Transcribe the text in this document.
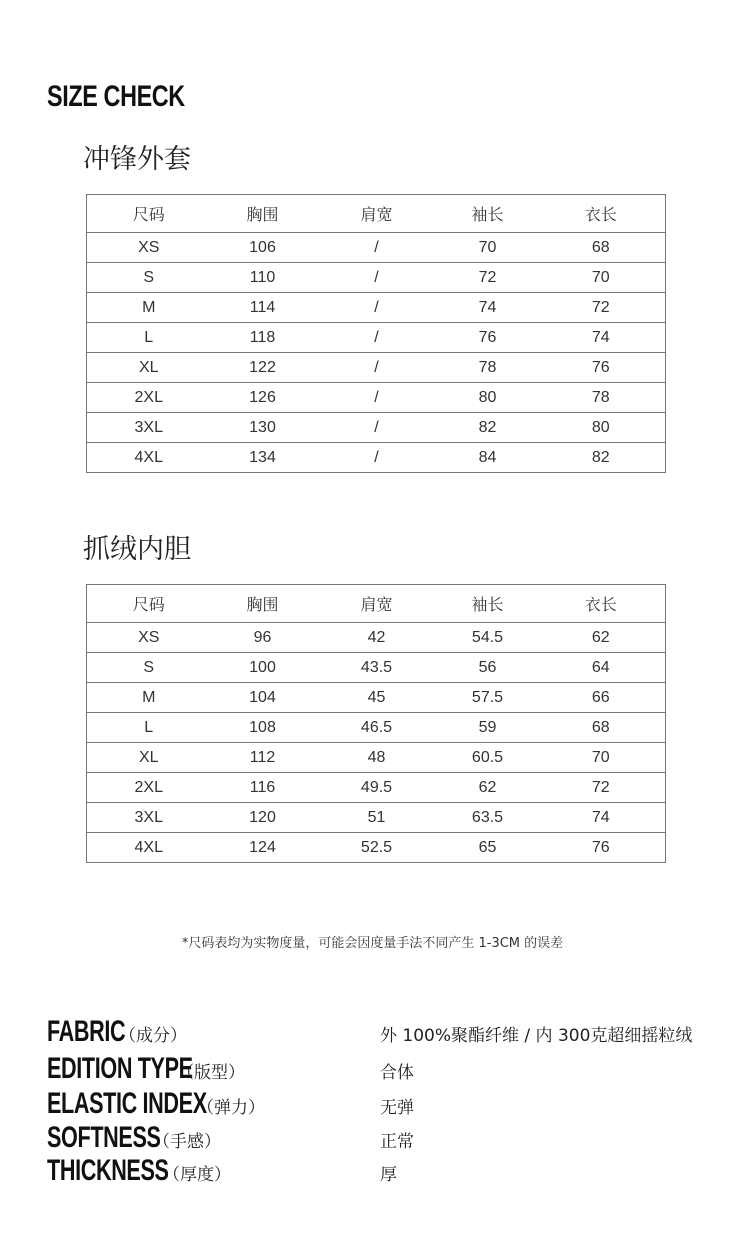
SIZE CHECK
冲锋外套
尺码	胸围	肩宽	袖长	衣长
XS	106	/	70	68
S	110	/	72	70
M	114	/	74	72
L	118	/	76	74
XL	122	/	78	76
2XL	126	/	80	78
3XL	130	/	82	80
4XL	134	/	84	82
抓绒内胆
尺码	胸围	肩宽	袖长	衣长
XS	96	42	54.5	62
S	100	43.5	56	64
M	104	45	57.5	66
L	108	46.5	59	68
XL	112	48	60.5	70
2XL	116	49.5	62	72
3XL	120	51	63.5	74
4XL	124	52.5	65	76
*尺码表均为实物度量，可能会因度量手法不同产生 1-3CM 的误差
FABRIC
（成分）	外 100%聚酯纤维 / 内 300克超细摇粒绒
EDITION TYPE
（版型）	合体
ELASTIC INDEX
（弹力）	无弹
SOFTNESS
（手感）	正常
THICKNESS
（厚度）	厚
